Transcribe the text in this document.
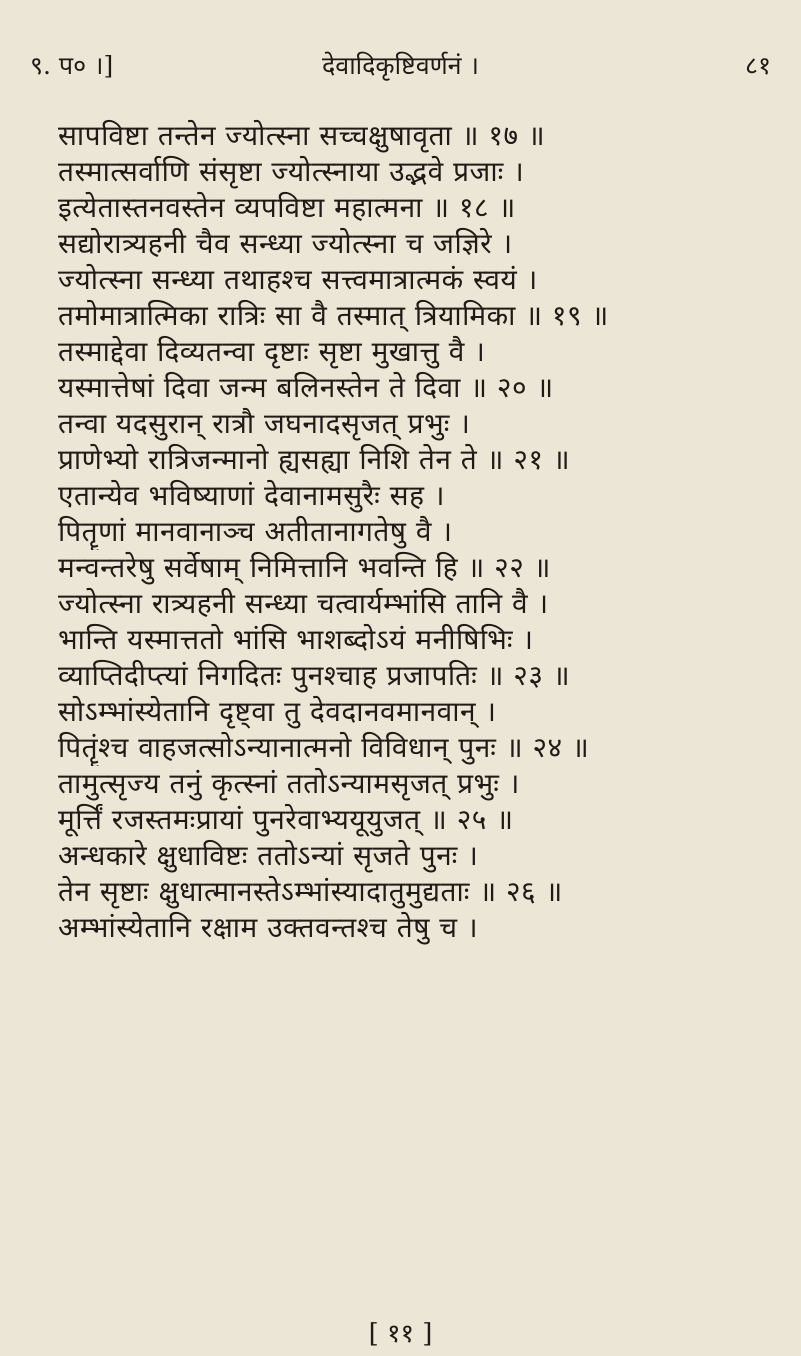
९. प० ।]	देवादिकृष्टिवर्णनं ।	८१
सापविष्टा तन्तेन ज्योत्स्ना सच्चक्षुषावृता ॥ १७ ॥
तस्मात्सर्वाणि संसृष्टा ज्योत्स्नाया उद्भवे प्रजाः ।
इत्येतास्तनवस्तेन व्यपविष्टा महात्मना ॥ १८ ॥
सद्योरात्र्यहनी चैव सन्ध्या ज्योत्स्ना च जज्ञिरे ।
ज्योत्स्ना सन्ध्या तथाहश्च सत्त्वमात्रात्मकं स्वयं ।
तमोमात्रात्मिका रात्रिः सा वै तस्मात् त्रियामिका ॥ १९ ॥
तस्माद्देवा दिव्यतन्वा दृष्टाः सृष्टा मुखात्तु वै ।
यस्मात्तेषां दिवा जन्म बलिनस्तेन ते दिवा ॥ २० ॥
तन्वा यदसुरान् रात्रौ जघनादसृजत् प्रभुः ।
प्राणेभ्यो रात्रिजन्मानो ह्यसह्या निशि तेन ते ॥ २१ ॥
एतान्येव भविष्याणां देवानामसुरैः सह ।
पितॄणां मानवानाञ्च अतीतानागतेषु वै ।
मन्वन्तरेषु सर्वेषाम् निमित्तानि भवन्ति हि ॥ २२ ॥
ज्योत्स्ना रात्र्यहनी सन्ध्या चत्वार्यम्भांसि तानि वै ।
भान्ति यस्मात्ततो भांसि भाशब्दोऽयं मनीषिभिः ।
व्याप्तिदीप्त्यां निगदितः पुनश्चाह प्रजापतिः ॥ २३ ॥
सोऽम्भांस्येतानि दृष्ट्वा तु देवदानवमानवान् ।
पितॄंश्च वाहजत्सोऽन्यानात्मनो विविधान् पुनः ॥ २४ ॥
तामुत्सृज्य तनुं कृत्स्नां ततोऽन्यामसृजत् प्रभुः ।
मूर्त्तिं रजस्तमःप्रायां पुनरेवाभ्ययूयुजत् ॥ २५ ॥
अन्धकारे क्षुधाविष्टः ततोऽन्यां सृजते पुनः ।
तेन सृष्टाः क्षुधात्मानस्तेऽम्भांस्यादातुमुद्यताः ॥ २६ ॥
अम्भांस्येतानि रक्षाम उक्तवन्तश्च तेषु च ।
[ ११ ]
